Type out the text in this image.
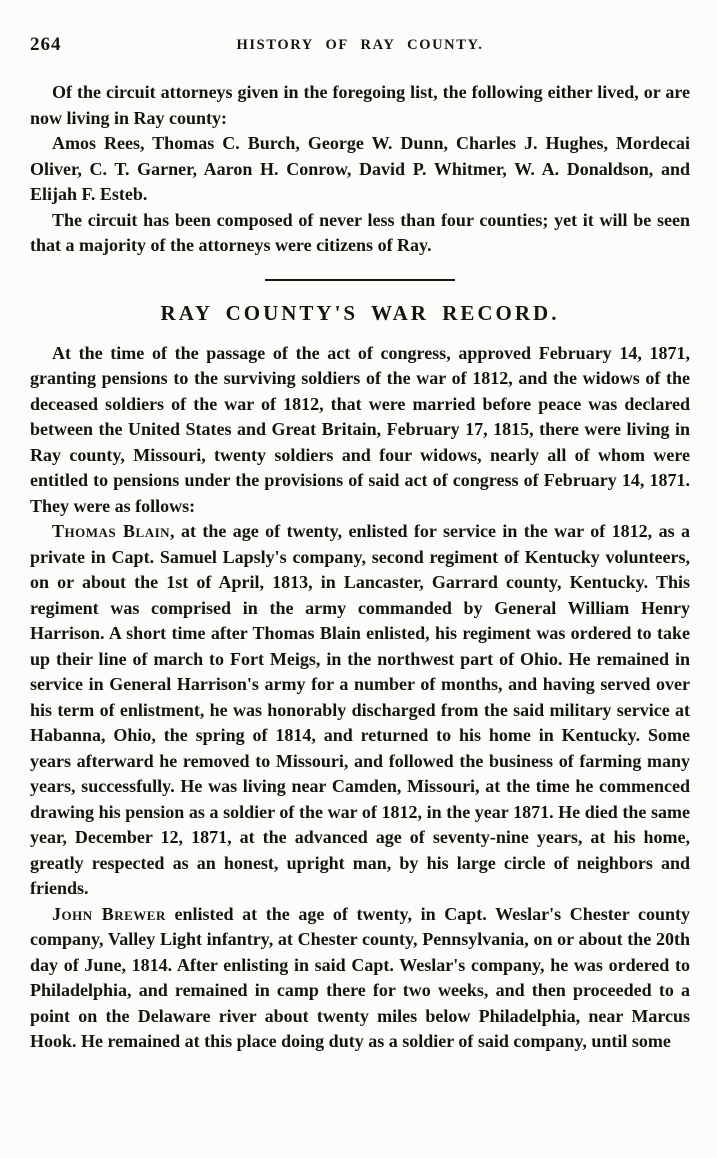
264	HISTORY OF RAY COUNTY.

Of the circuit attorneys given in the foregoing list, the following either lived, or are now living in Ray county:

Amos Rees, Thomas C. Burch, George W. Dunn, Charles J. Hughes, Mordecai Oliver, C. T. Garner, Aaron H. Conrow, David P. Whitmer, W. A. Donaldson, and Elijah F. Esteb.

The circuit has been composed of never less than four counties; yet it will be seen that a majority of the attorneys were citizens of Ray.

RAY COUNTY'S WAR RECORD.

At the time of the passage of the act of congress, approved February 14, 1871, granting pensions to the surviving soldiers of the war of 1812, and the widows of the deceased soldiers of the war of 1812, that were married before peace was declared between the United States and Great Britain, February 17, 1815, there were living in Ray county, Missouri, twenty soldiers and four widows, nearly all of whom were entitled to pensions under the provisions of said act of congress of February 14, 1871. They were as follows:

Thomas Blain, at the age of twenty, enlisted for service in the war of 1812, as a private in Capt. Samuel Lapsly's company, second regiment of Kentucky volunteers, on or about the 1st of April, 1813, in Lancaster, Garrard county, Kentucky. This regiment was comprised in the army commanded by General William Henry Harrison. A short time after Thomas Blain enlisted, his regiment was ordered to take up their line of march to Fort Meigs, in the northwest part of Ohio. He remained in service in General Harrison's army for a number of months, and having served over his term of enlistment, he was honorably discharged from the said military service at Habanna, Ohio, the spring of 1814, and returned to his home in Kentucky. Some years afterward he removed to Missouri, and followed the business of farming many years, successfully. He was living near Camden, Missouri, at the time he commenced drawing his pension as a soldier of the war of 1812, in the year 1871. He died the same year, December 12, 1871, at the advanced age of seventy-nine years, at his home, greatly respected as an honest, upright man, by his large circle of neighbors and friends.

John Brewer enlisted at the age of twenty, in Capt. Weslar's Chester county company, Valley Light infantry, at Chester county, Pennsylvania, on or about the 20th day of June, 1814. After enlisting in said Capt. Weslar's company, he was ordered to Philadelphia, and remained in camp there for two weeks, and then proceeded to a point on the Delaware river about twenty miles below Philadelphia, near Marcus Hook. He remained at this place doing duty as a soldier of said company, until some
